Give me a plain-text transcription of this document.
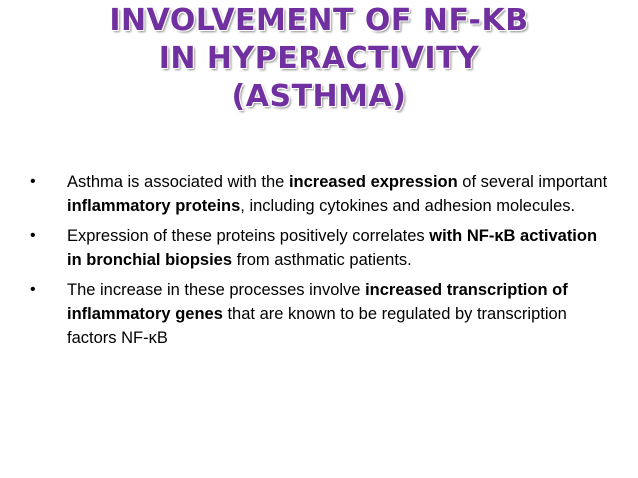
INVOLVEMENT OF NF-KB
IN HYPERACTIVITY
(ASTHMA)
• Asthma is associated with the increased expression of several important inflammatory proteins, including cytokines and adhesion molecules.
• Expression of these proteins positively correlates with NF-κB activation in bronchial biopsies from asthmatic patients.
• The increase in these processes involve increased transcription of inflammatory genes that are known to be regulated by transcription factors NF-κB
